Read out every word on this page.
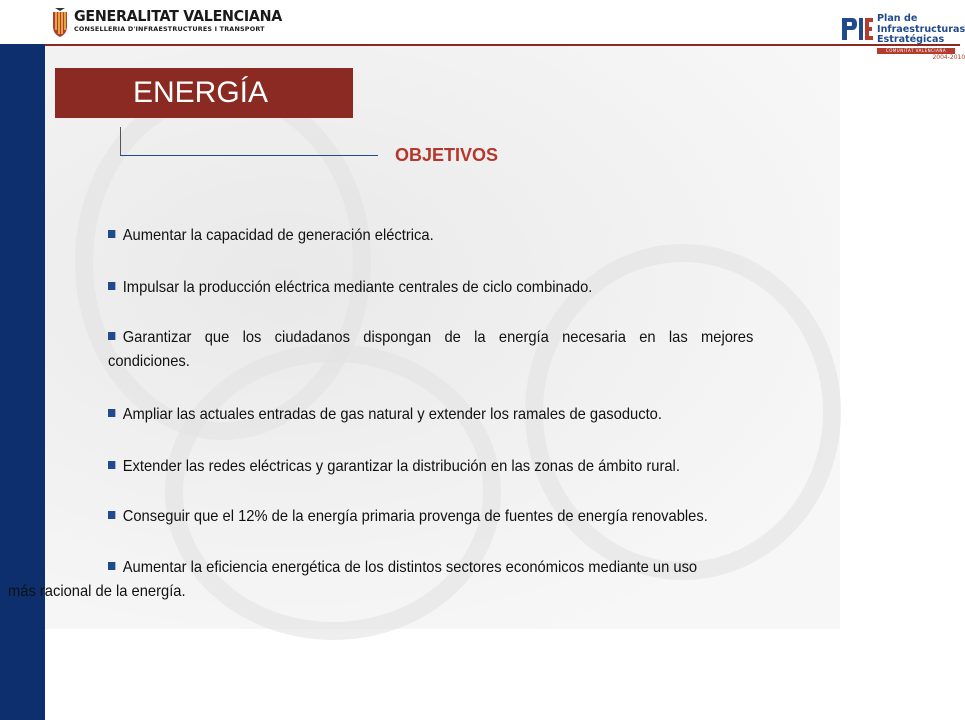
GENERALITAT VALENCIANA
CONSELLERIA D'INFRAESTRUCTURES I TRANSPORT
Plan de
Infraestructuras
Estratégicas
COMUNITAT VALENCIANA
2004-2010
ENERGÍA
OBJETIVOS
Aumentar la capacidad de generación eléctrica.
Impulsar la producción eléctrica mediante centrales de ciclo combinado.
Garantizar que los ciudadanos dispongan de la energía necesaria en las mejores
condiciones.
Ampliar las actuales entradas de gas natural y extender los ramales de gasoducto.
Extender las redes eléctricas y garantizar la distribución en las zonas de ámbito rural.
Conseguir que el 12% de la energía primaria provenga de fuentes de energía renovables.
Aumentar la eficiencia energética de los distintos sectores económicos mediante un uso
más racional de la energía.
